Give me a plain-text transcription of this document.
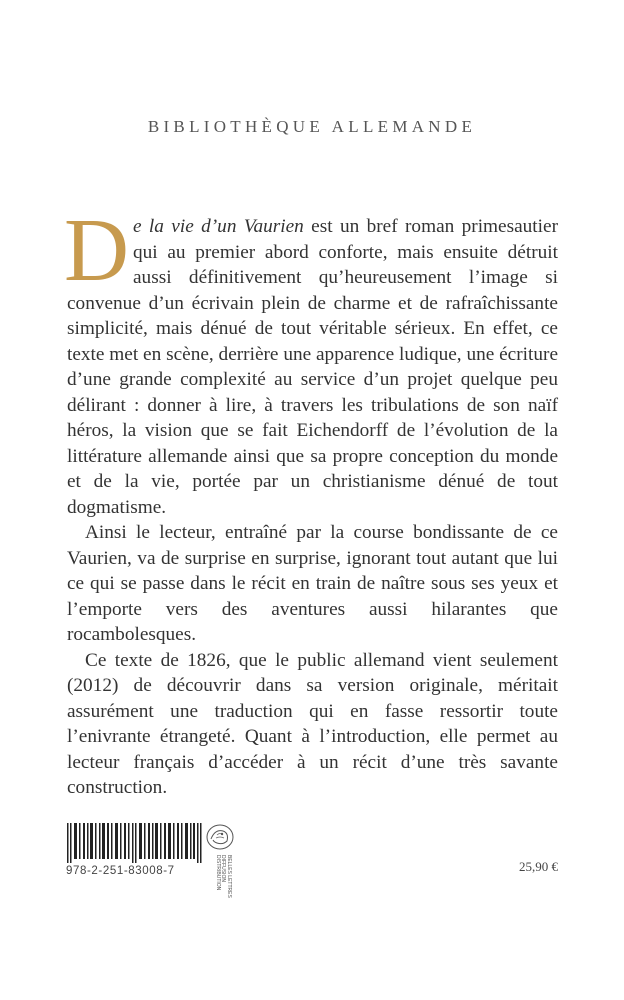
BIBLIOTHÈQUE ALLEMANDE

De la vie d’un Vaurien est un bref roman primesautier qui au premier abord conforte, mais ensuite détruit aussi définitivement qu’heureusement l’image si convenue d’un écrivain plein de charme et de rafraîchissante simplicité, mais dénué de tout véritable sérieux. En effet, ce texte met en scène, derrière une apparence ludique, une écriture d’une grande complexité au service d’un projet quelque peu délirant : donner à lire, à travers les tribulations de son naïf héros, la vision que se fait Eichendorff de l’évolution de la littérature allemande ainsi que sa propre conception du monde et de la vie, portée par un christianisme dénué de tout dogmatisme.

Ainsi le lecteur, entraîné par la course bondissante de ce Vaurien, va de surprise en surprise, ignorant tout autant que lui ce qui se passe dans le récit en train de naître sous ses yeux et l’emporte vers des aventures aussi hilarantes que rocambolesques.

Ce texte de 1826, que le public allemand vient seulement (2012) de découvrir dans sa version originale, méritait assurément une traduction qui en fasse ressortir toute l’enivrante étrangeté. Quant à l’introduction, elle permet au lecteur français d’accéder à un récit d’une très savante construction.

978-2-251-83008-7	BELLES LETTRES
DIFFUSION
DISTRIBUTION	25,90 €
